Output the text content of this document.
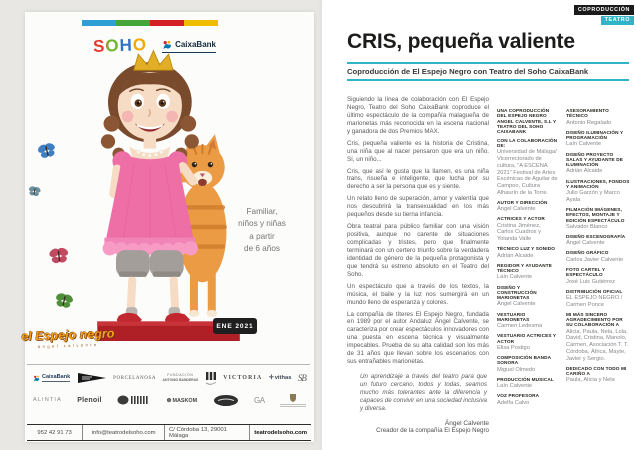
SOHO	CaixaBank
Familiar,
niños y niñas
a partir
de 6 años
ENE 2021
el Espejo negro
ángel calvente
CaixaBank	PORCELANOSA
FUNDACIÓN
ANTONIO BANDERAS	VICTORIA ✛vithas SB
ALINTIA Plenoil	⊛MASKOM	GA
952 42 91 73	info@teatrodelsoho.com	C/ Córdoba 13, 29001 Málaga	teatrodelsoho.com
COPRODUCCIÓN
TEATRO
CRIS, pequeña valiente
Coproducción de El Espejo Negro con Teatro del Soho CaixaBank

Siguiendo la línea de colaboración con El Espejo Negro, Teatro del Soho CaixaBank coproduce el último espectáculo de la compañía malagueña de marionetas más reconocida en la escena nacional y ganadora de dos Premios MAX.

Cris, pequeña valiente es la historia de Cristina, una niña que al nacer pensaron que era un niño. Sí, un niño...

Cris, que así le gusta que la llamen, es una niña trans, risueña e inteligente, que lucha por su derecho a ser la persona que es y siente.

Un relato lleno de superación, amor y valentía que nos descubrirá la transexualidad en los más pequeños desde su tierna infancia.

Obra teatral para público familiar con una visión positiva, aunque no carente de situaciones complicadas y tristes, pero que finalmente terminará con un certero triunfo sobre la verdadera identidad de género de la pequeña protagonista y que tendrá su estreno absoluto en el Teatro del Soho.

Un espectáculo que a través de los textos, la música, el baile y la luz nos sumergirá en un mundo lleno de esperanza y colores.

La compañía de títeres El Espejo Negro, fundada en 1989 por el autor Andaluz Ángel Calvente, se caracteriza por crear espectáculos innovadores con una puesta en escena técnica y visualmente impecables. Prueba de su alta calidad son los más de 31 años que llevan sobre los escenarios con sus entrañables marionetas.

Un aprendizaje a través del teatro para que un futuro cercano, todos y todas, seamos mucho más tolerantes ante la diferencia y capaces de convivir en una sociedad inclusiva y diversa.

Ángel Calvente
Creador de la compañía El Espejo Negro
UNA COPRODUCCIÓN DEL ESPEJO NEGRO ANGEL CALVENTE, S.L Y TEATRO DEL SOHO CAIXABANK
CON LA COLABORACIÓN DE:
Universidad de Málaga/ Vicerrectorado de cultura, "A ESCENA 2021" Festival de Artes Escénicas de Aguilar de Campoo, Cultura Alhaurín de la Torre.
AUTOR Y DIRECCIÓN
Ángel Calvente
ACTRICES Y ACTOR
Cristina Jiménez, Carlos Cuadros y Yolanda Valle
TÉCNICO LUZ Y SONIDO
Adrián Alcaide
REGIDOR Y AYUDANTE TÉCNICO
Laín Calvente
DISEÑO Y CONSTRUCCIÓN MARIONETAS
Ángel Calvente
VESTUARIO MARIONETAS
Carmen Ledesma
VESTUARIO ACTRICES Y ACTOR
Elisa Postigo
COMPOSICIÓN BANDA SONORA
Miguel Olmedo
PRODUCCIÓN MUSICAL
Laín Calvente
VOZ PROFESORA
Adelfa Calvo
ASESORAMIENTO TÉCNICO
Antonio Regalado
DISEÑO ILUMINACIÓN Y PROGRAMACIÓN
Laín Calvente
DISEÑO PROYECTO SALAS Y AYUDANTE DE ILUMINACIÓN
Adrián Alcaide
ILUSTRACIONES, FONDOS Y ANIMACIÓN
Julio Garzón y Marco Ayala
FILMACIÓN IMÁGENES, EFECTOS, MONTAJE Y EDICIÓN ESPECTÁCULO
Salvador Blanco
DISEÑO ESCENOGRAFÍA
Ángel Calvente
DISEÑO GRÁFICO
Carlos Javier Calvente
FOTO CARTEL Y ESPECTÁCULO
José Luis Gutiérrez
DISTRIBUCIÓN OFICIAL
EL ESPEJO NEGRO / Carmen Ponce
MI MÁS SINCERO AGRADECIMIENTO POR SU COLABORACIÓN A
Alicia, Paula, Nela, Lola, David, Cristina, Manolo, Carmen, Asociación T. T. Córdoba, África, Mayte, Javier y Sergio.
DEDICADO CON TODO MI CARIÑO A
Paula, Alicia y Nela
